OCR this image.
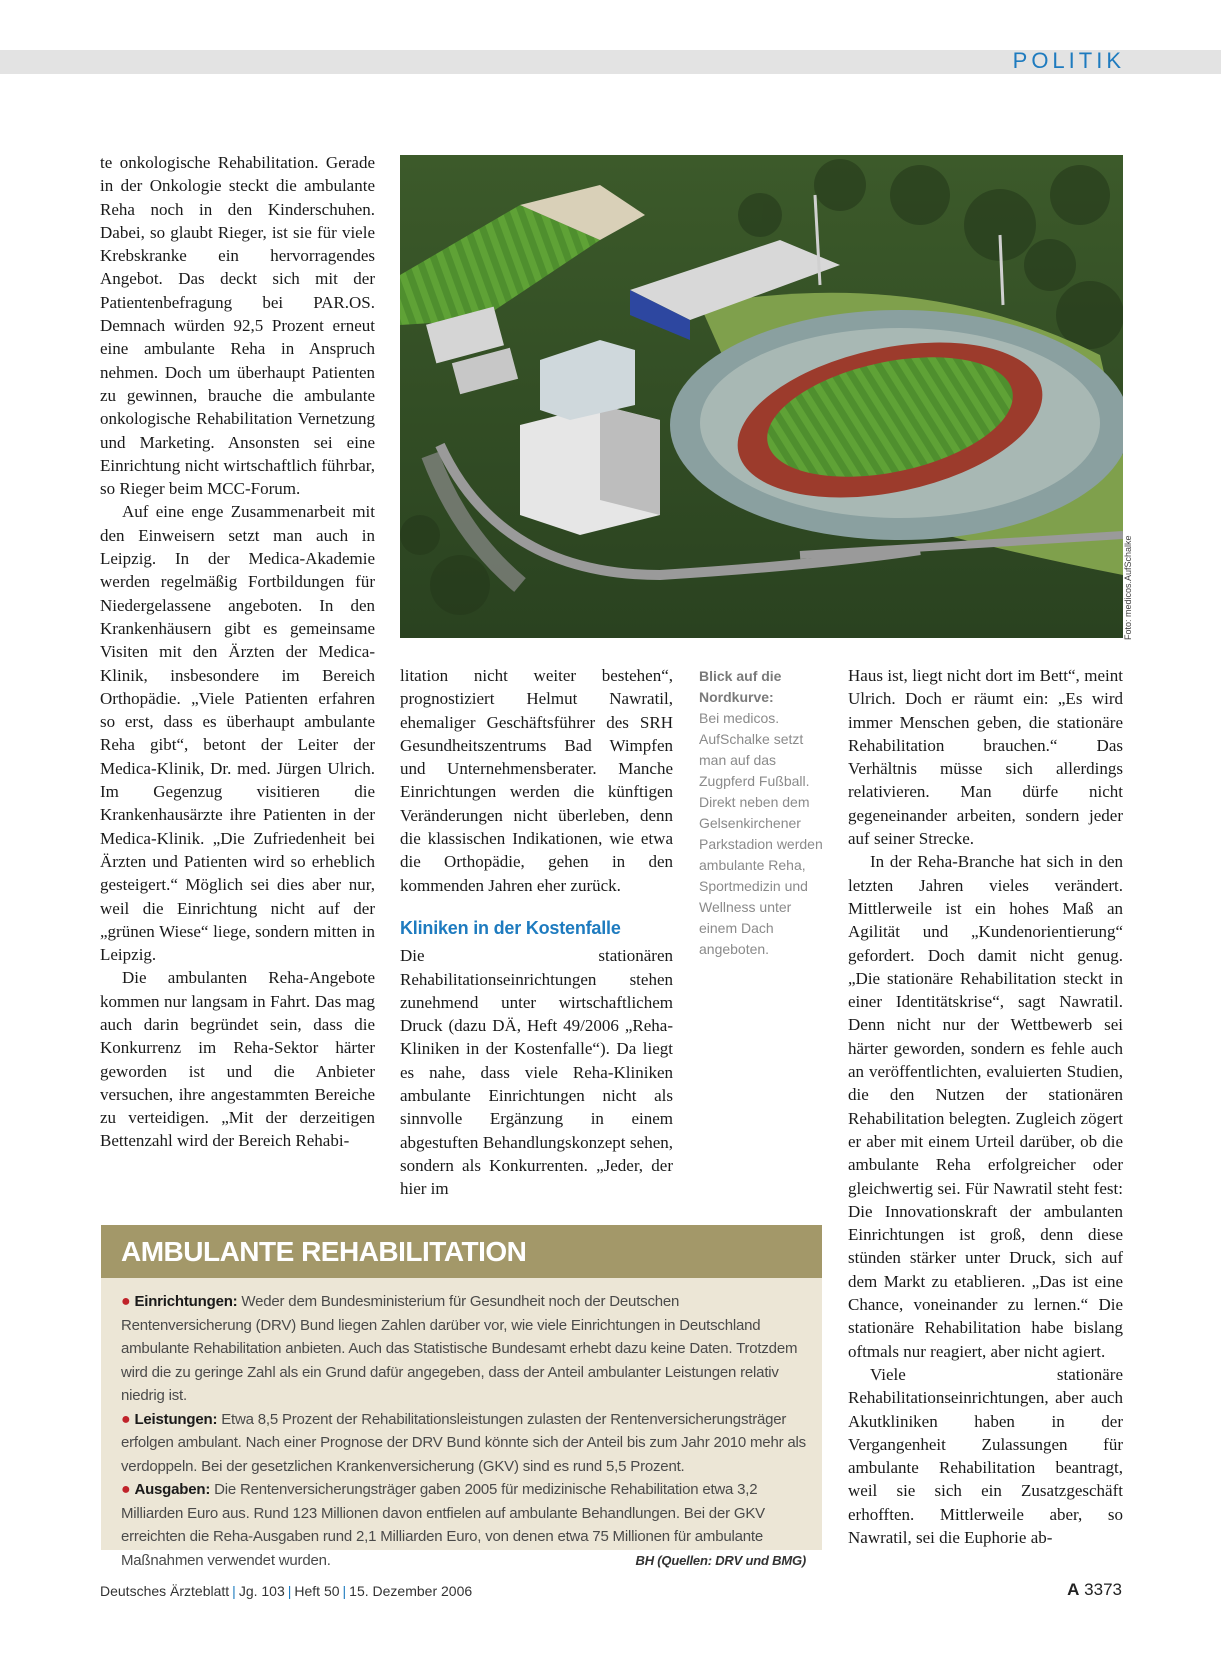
POLITIK

te onkologische Rehabilitation. Gerade in der Onkologie steckt die ambulante Reha noch in den Kinderschuhen. Dabei, so glaubt Rieger, ist sie für viele Krebskranke ein hervorragendes Angebot. Das deckt sich mit der Patientenbefragung bei PAR.OS. Demnach würden 92,5 Prozent erneut eine ambulante Reha in Anspruch nehmen. Doch um überhaupt Patienten zu gewinnen, brauche die ambulante onkologische Rehabilitation Vernetzung und Marketing. Ansonsten sei eine Einrichtung nicht wirtschaftlich führbar, so Rieger beim MCC-Forum.

Auf eine enge Zusammenarbeit mit den Einweisern setzt man auch in Leipzig. In der Medica-Akademie werden regelmäßig Fortbildungen für Niedergelassene angeboten. In den Krankenhäusern gibt es gemeinsame Visiten mit den Ärzten der Medica-Klinik, insbesondere im Bereich Orthopädie. „Viele Patienten erfahren so erst, dass es überhaupt ambulante Reha gibt“, betont der Leiter der Medica-Klinik, Dr. med. Jürgen Ulrich. Im Gegenzug visitieren die Krankenhausärzte ihre Patienten in der Medica-Klinik. „Die Zufriedenheit bei Ärzten und Patienten wird so erheblich gesteigert.“ Möglich sei dies aber nur, weil die Einrichtung nicht auf der „grünen Wiese“ liege, sondern mitten in Leipzig.

Die ambulanten Reha-Angebote kommen nur langsam in Fahrt. Das mag auch darin begründet sein, dass die Konkurrenz im Reha-Sektor härter geworden ist und die Anbieter versuchen, ihre angestammten Bereiche zu verteidigen. „Mit der derzeitigen Bettenzahl wird der Bereich Rehabi-

Foto: medicos.AufSchalke

litation nicht weiter bestehen“, prognostiziert Helmut Nawratil, ehemaliger Geschäftsführer des SRH Gesundheitszentrums Bad Wimpfen und Unternehmensberater. Manche Einrichtungen werden die künftigen Veränderungen nicht überleben, denn die klassischen Indikationen, wie etwa die Orthopädie, gehen in den kommenden Jahren eher zurück.

Kliniken in der Kostenfalle

Die stationären Rehabilitationseinrichtungen stehen zunehmend unter wirtschaftlichem Druck (dazu DÄ, Heft 49/2006 „Reha-Kliniken in der Kostenfalle“). Da liegt es nahe, dass viele Reha-Kliniken ambulante Einrichtungen nicht als sinnvolle Ergänzung in einem abgestuften Behandlungskonzept sehen, sondern als Konkurrenten. „Jeder, der hier im

Blick auf die Nordkurve:
Bei medicos. AufSchalke setzt man auf das Zugpferd Fußball. Direkt neben dem Gelsenkirchener Parkstadion werden ambulante Reha, Sportmedizin und Wellness unter einem Dach angeboten.

Haus ist, liegt nicht dort im Bett“, meint Ulrich. Doch er räumt ein: „Es wird immer Menschen geben, die stationäre Rehabilitation brauchen.“ Das Verhältnis müsse sich allerdings relativieren. Man dürfe nicht gegeneinander arbeiten, sondern jeder auf seiner Strecke.

In der Reha-Branche hat sich in den letzten Jahren vieles verändert. Mittlerweile ist ein hohes Maß an Agilität und „Kundenorientierung“ gefordert. Doch damit nicht genug. „Die stationäre Rehabilitation steckt in einer Identitätskrise“, sagt Nawratil. Denn nicht nur der Wettbewerb sei härter geworden, sondern es fehle auch an veröffentlichten, evaluierten Studien, die den Nutzen der stationären Rehabilitation belegten. Zugleich zögert er aber mit einem Urteil darüber, ob die ambulante Reha erfolgreicher oder gleichwertig sei. Für Nawratil steht fest: Die Innovationskraft der ambulanten Einrichtungen ist groß, denn diese stünden stärker unter Druck, sich auf dem Markt zu etablieren. „Das ist eine Chance, voneinander zu lernen.“ Die stationäre Rehabilitation habe bislang oftmals nur reagiert, aber nicht agiert.

Viele stationäre Rehabilitationseinrichtungen, aber auch Akutkliniken haben in der Vergangenheit Zulassungen für ambulante Rehabilitation beantragt, weil sie sich ein Zusatzgeschäft erhofften. Mittlerweile aber, so Nawratil, sei die Euphorie ab-

AMBULANTE REHABILITATION

● Einrichtungen: Weder dem Bundesministerium für Gesundheit noch der Deutschen Rentenversicherung (DRV) Bund liegen Zahlen darüber vor, wie viele Einrichtungen in Deutschland ambulante Rehabilitation anbieten. Auch das Statistische Bundesamt erhebt dazu keine Daten. Trotzdem wird die zu geringe Zahl als ein Grund dafür angegeben, dass der Anteil ambulanter Leistungen relativ niedrig ist.

● Leistungen: Etwa 8,5 Prozent der Rehabilitationsleistungen zulasten der Rentenversicherungsträger erfolgen ambulant. Nach einer Prognose der DRV Bund könnte sich der Anteil bis zum Jahr 2010 mehr als verdoppeln. Bei der gesetzlichen Krankenversicherung (GKV) sind es rund 5,5 Prozent.

● Ausgaben: Die Rentenversicherungsträger gaben 2005 für medizinische Rehabilitation etwa 3,2 Milliarden Euro aus. Rund 123 Millionen davon entfielen auf ambulante Behandlungen. Bei der GKV erreichten die Reha-Ausgaben rund 2,1 Milliarden Euro, von denen etwa 75 Millionen für ambulante Maßnahmen verwendet wurden.	BH (Quellen: DRV und BMG)

Deutsches Ärzteblatt | Jg. 103 | Heft 50 | 15. Dezember 2006	A 3373
